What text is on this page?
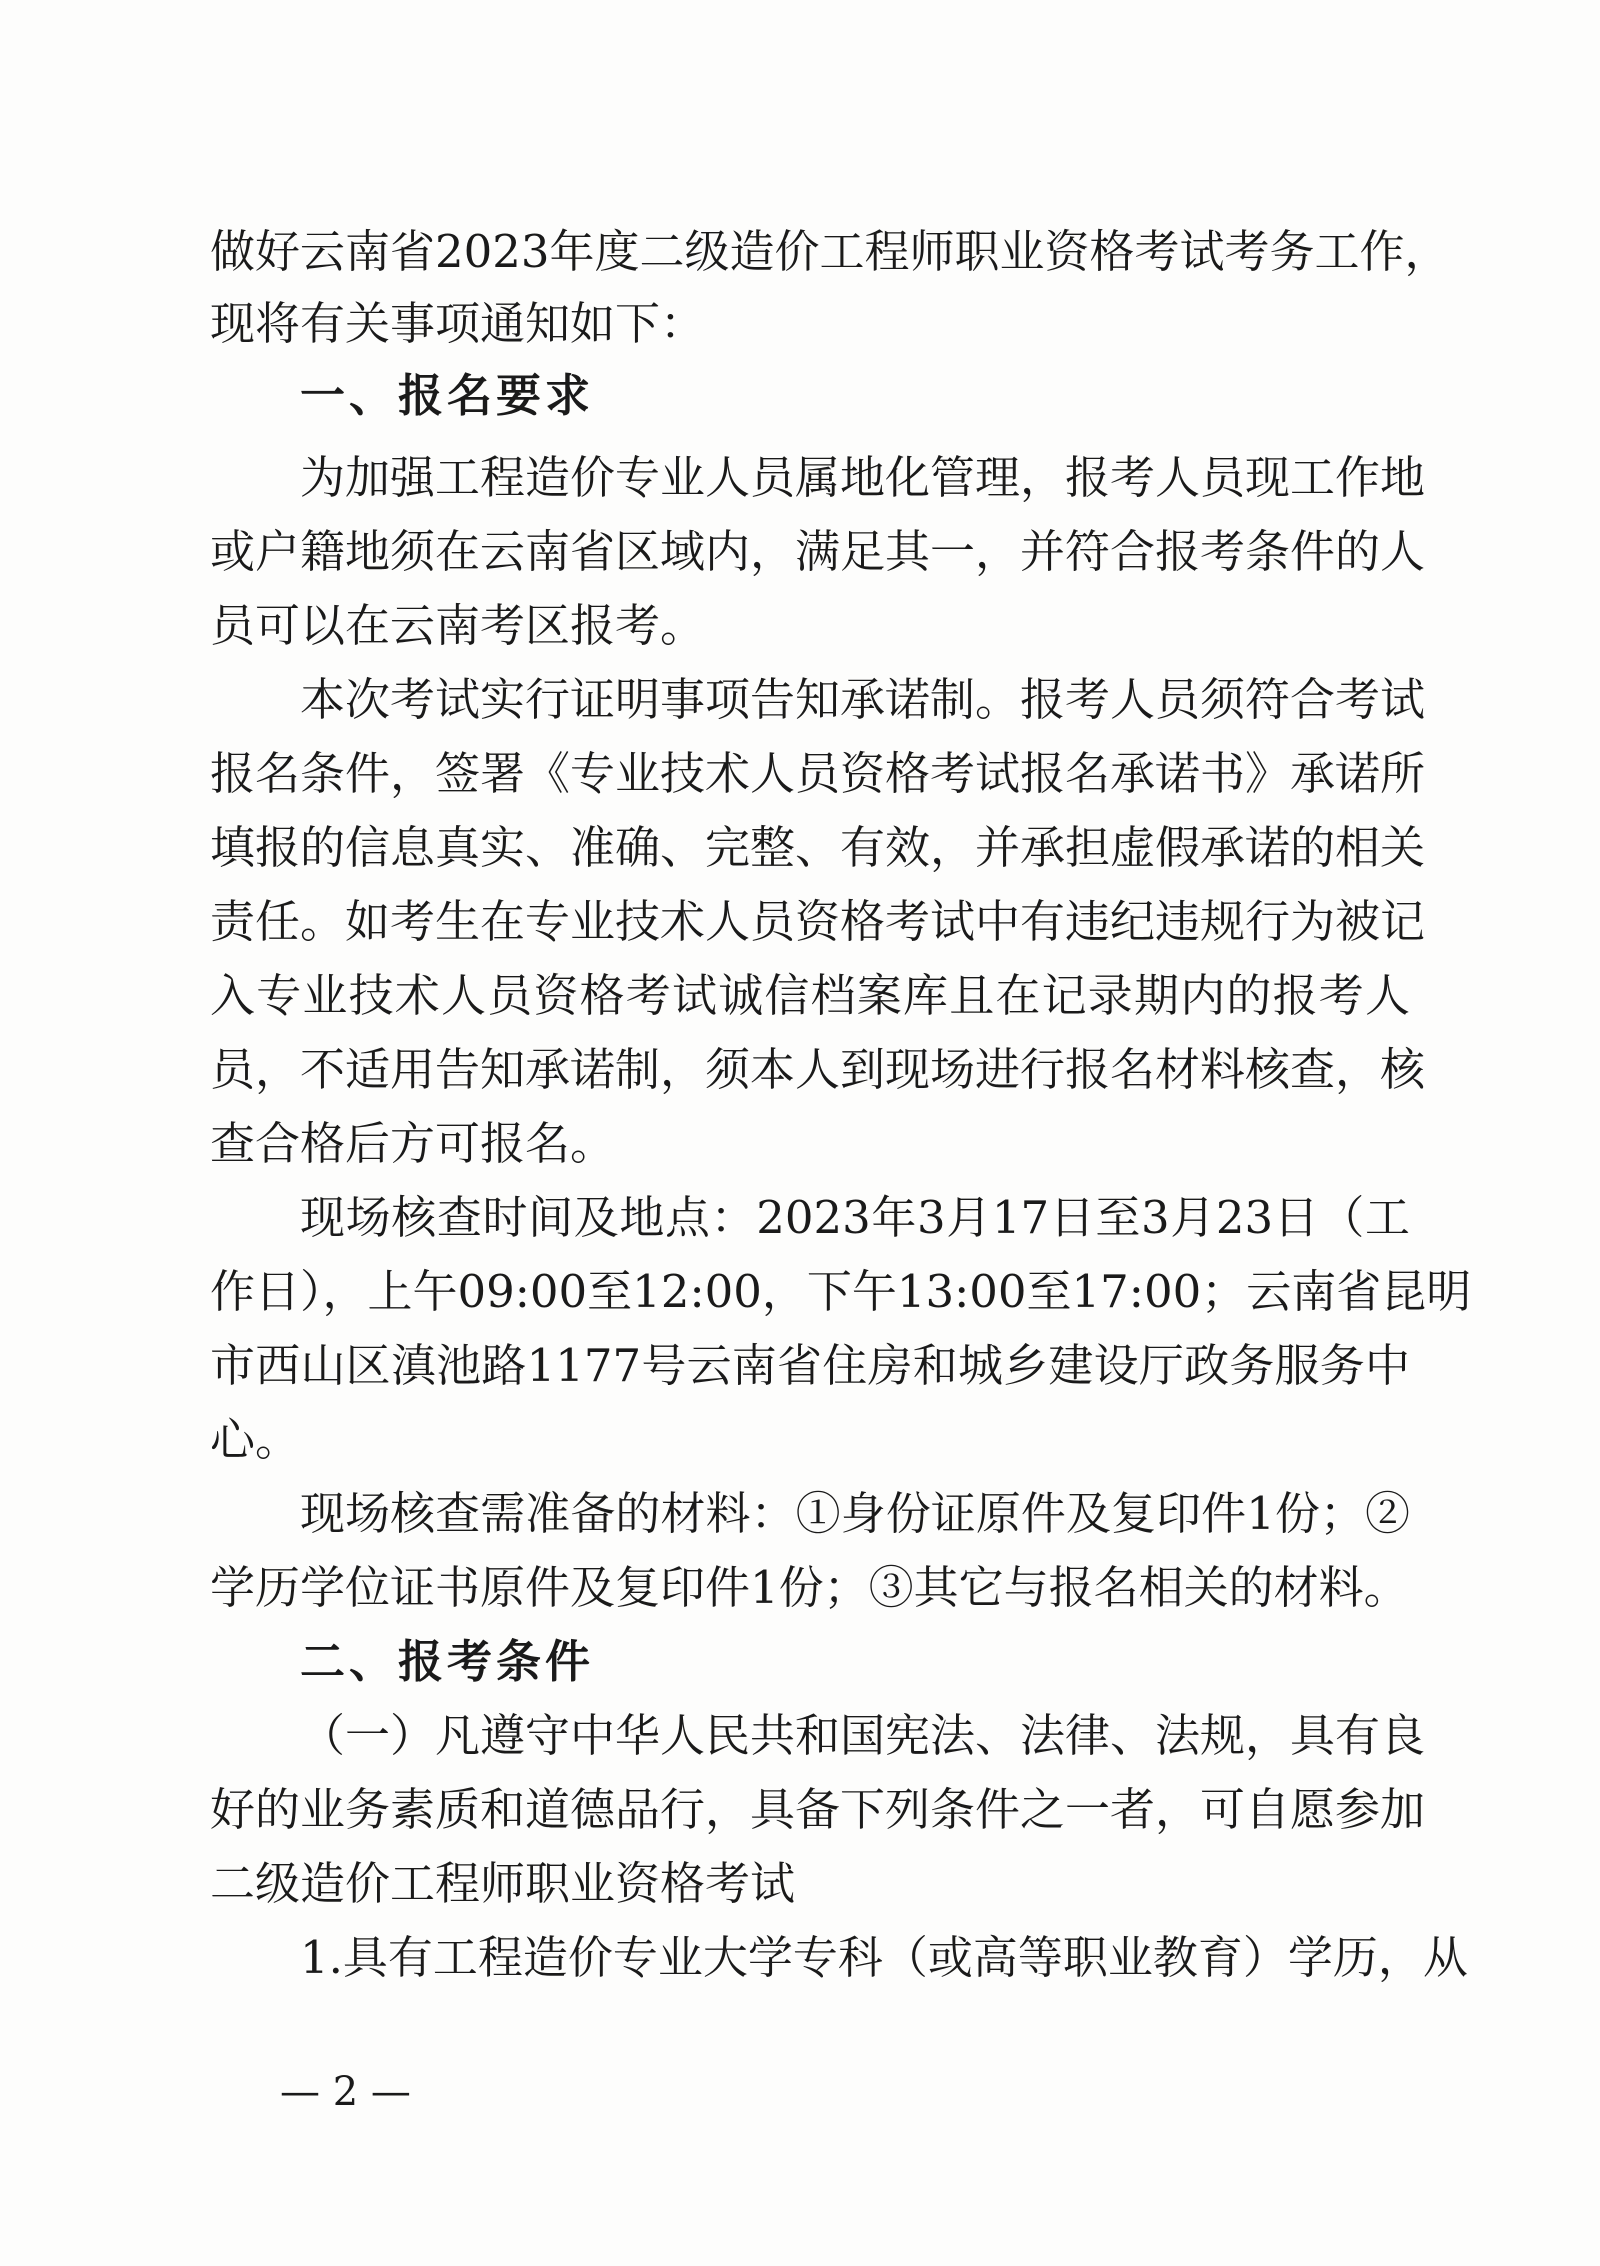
做好云南省2023年度二级造价工程师职业资格考试考务工作，
现将有关事项通知如下：
一、报名要求
为加强工程造价专业人员属地化管理，报考人员现工作地
或户籍地须在云南省区域内，满足其一，并符合报考条件的人
员可以在云南考区报考。
本次考试实行证明事项告知承诺制。报考人员须符合考试
报名条件，签署《专业技术人员资格考试报名承诺书》承诺所
填报的信息真实、准确、完整、有效，并承担虚假承诺的相关
责任。如考生在专业技术人员资格考试中有违纪违规行为被记
入专业技术人员资格考试诚信档案库且在记录期内的报考人
员，不适用告知承诺制，须本人到现场进行报名材料核查，核
查合格后方可报名。
现场核查时间及地点：2023年3月17日至3月23日（工
作日），上午09:00至12:00，下午13:00至17:00；云南省昆明
市西山区滇池路1177号云南省住房和城乡建设厅政务服务中
心。
现场核查需准备的材料：①身份证原件及复印件1份；②
学历学位证书原件及复印件1份；③其它与报名相关的材料。
二、报考条件
（一）凡遵守中华人民共和国宪法、法律、法规，具有良
好的业务素质和道德品行，具备下列条件之一者，可自愿参加
二级造价工程师职业资格考试
1.具有工程造价专业大学专科（或高等职业教育）学历，从
— 2 —
